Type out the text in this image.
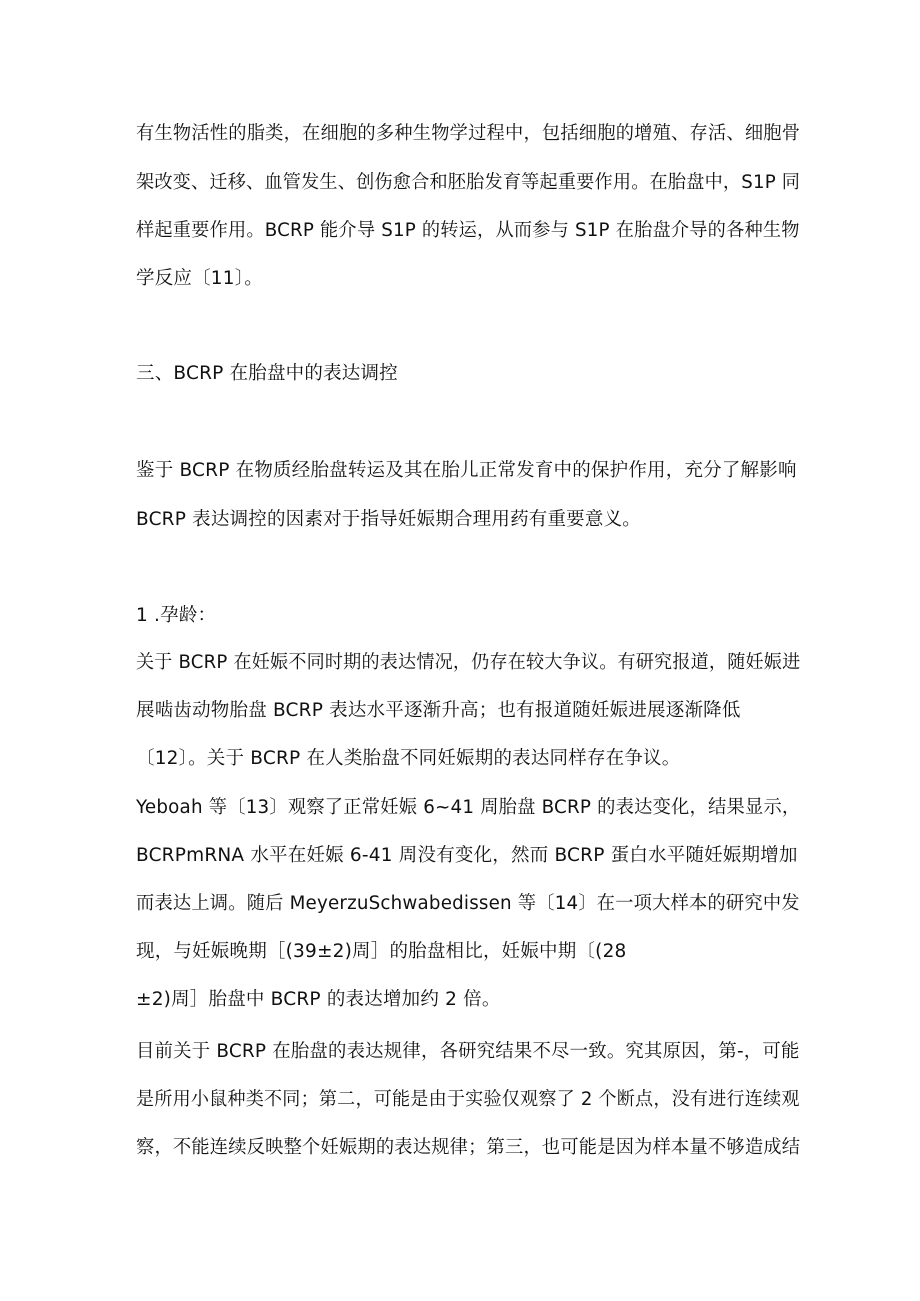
有生物活性的脂类，在细胞的多种生物学过程中，包括细胞的增殖、存活、细胞骨
架改变、迁移、血管发生、创伤愈合和胚胎发育等起重要作用。在胎盘中，S1P 同
样起重要作用。BCRP 能介导 S1P 的转运，从而参与 S1P 在胎盘介导的各种生物
学反应〔11〕。
三、BCRP 在胎盘中的表达调控
鉴于 BCRP 在物质经胎盘转运及其在胎儿正常发育中的保护作用，充分了解影响
BCRP 表达调控的因素对于指导妊娠期合理用药有重要意义。
1 .孕龄：
关于 BCRP 在妊娠不同时期的表达情况，仍存在较大争议。有研究报道，随妊娠进
展啮齿动物胎盘 BCRP 表达水平逐渐升高；也有报道随妊娠进展逐渐降低
〔12〕。关于 BCRP 在人类胎盘不同妊娠期的表达同样存在争议。
Yeboah 等〔13〕观察了正常妊娠 6~41 周胎盘 BCRP 的表达变化，结果显示，
BCRPmRNA 水平在妊娠 6-41 周没有变化，然而 BCRP 蛋白水平随妊娠期增加
而表达上调。随后 MeyerzuSchwabedissen 等〔14〕在一项大样本的研究中发
现，与妊娠晚期［(39±2)周］的胎盘相比，妊娠中期〔(28
±2)周］胎盘中 BCRP 的表达增加约 2 倍。
目前关于 BCRP 在胎盘的表达规律，各研究结果不尽一致。究其原因，第-，可能
是所用小鼠种类不同；第二，可能是由于实验仅观察了 2 个断点，没有进行连续观
察，不能连续反映整个妊娠期的表达规律；第三，也可能是因为样本量不够造成结
